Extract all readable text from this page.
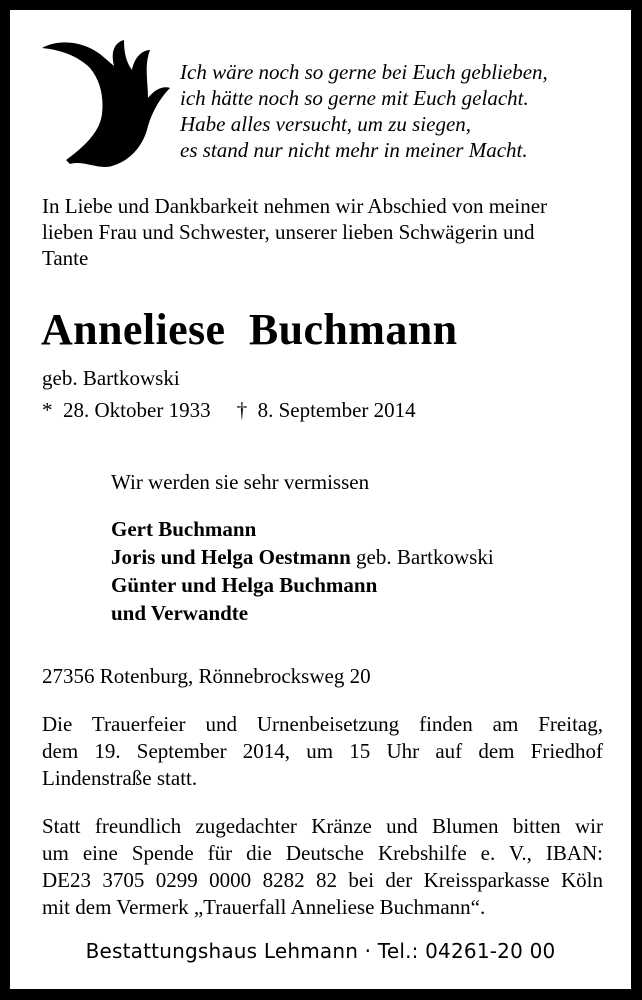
Ich wäre noch so gerne bei Euch geblieben,
ich hätte noch so gerne mit Euch gelacht.
Habe alles versucht, um zu siegen,
es stand nur nicht mehr in meiner Macht.
In Liebe und Dankbarkeit nehmen wir Abschied von meiner
lieben Frau und Schwester, unserer lieben Schwägerin und
Tante
Anneliese Buchmann
geb. Bartkowski
* 28. Oktober 1933 † 8. September 2014
Wir werden sie sehr vermissen
Gert Buchmann
Joris und Helga Oestmann geb. Bartkowski
Günter und Helga Buchmann
und Verwandte
27356 Rotenburg, Rönnebrocksweg 20
Die Trauerfeier und Urnenbeisetzung finden am Freitag,
dem 19. September 2014, um 15 Uhr auf dem Friedhof
Lindenstraße statt.
Statt freundlich zugedachter Kränze und Blumen bitten wir
um eine Spende für die Deutsche Krebshilfe e. V., IBAN:
DE23 3705 0299 0000 8282 82 bei der Kreissparkasse Köln
mit dem Vermerk „Trauerfall Anneliese Buchmann“.
Bestattungshaus Lehmann · Tel.: 04261-20 00
